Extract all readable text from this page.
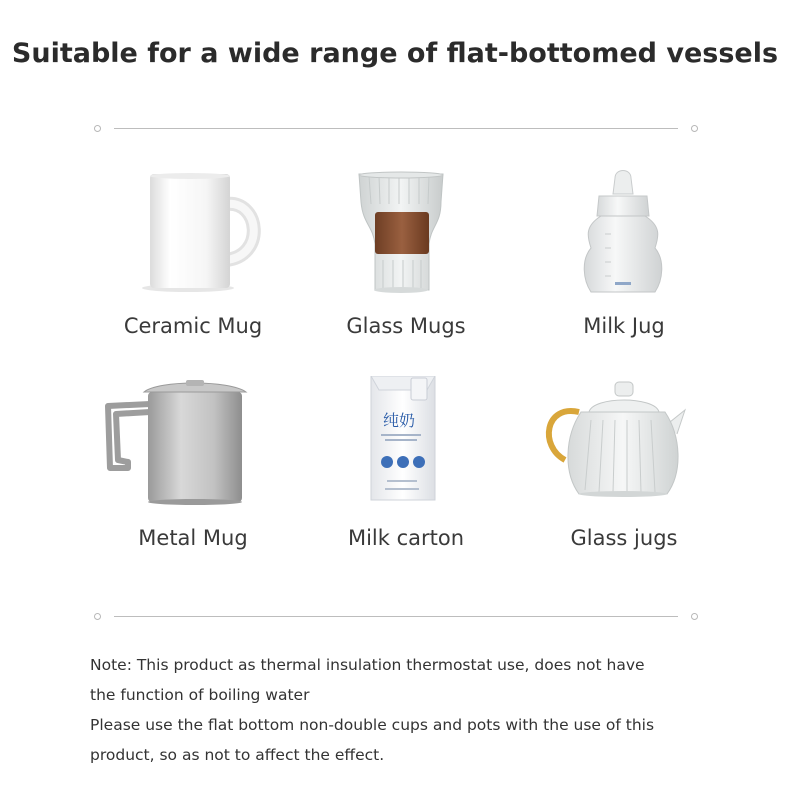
Suitable for a wide range of flat-bottomed vessels
Ceramic Mug	Glass Mugs	Milk Jug
Metal Mug
纯奶
Milk carton	Glass jugs

Note: This product as thermal insulation thermostat use, does not have

the function of boiling water

Please use the flat bottom non-double cups and pots with the use of this

product, so as not to affect the effect.
